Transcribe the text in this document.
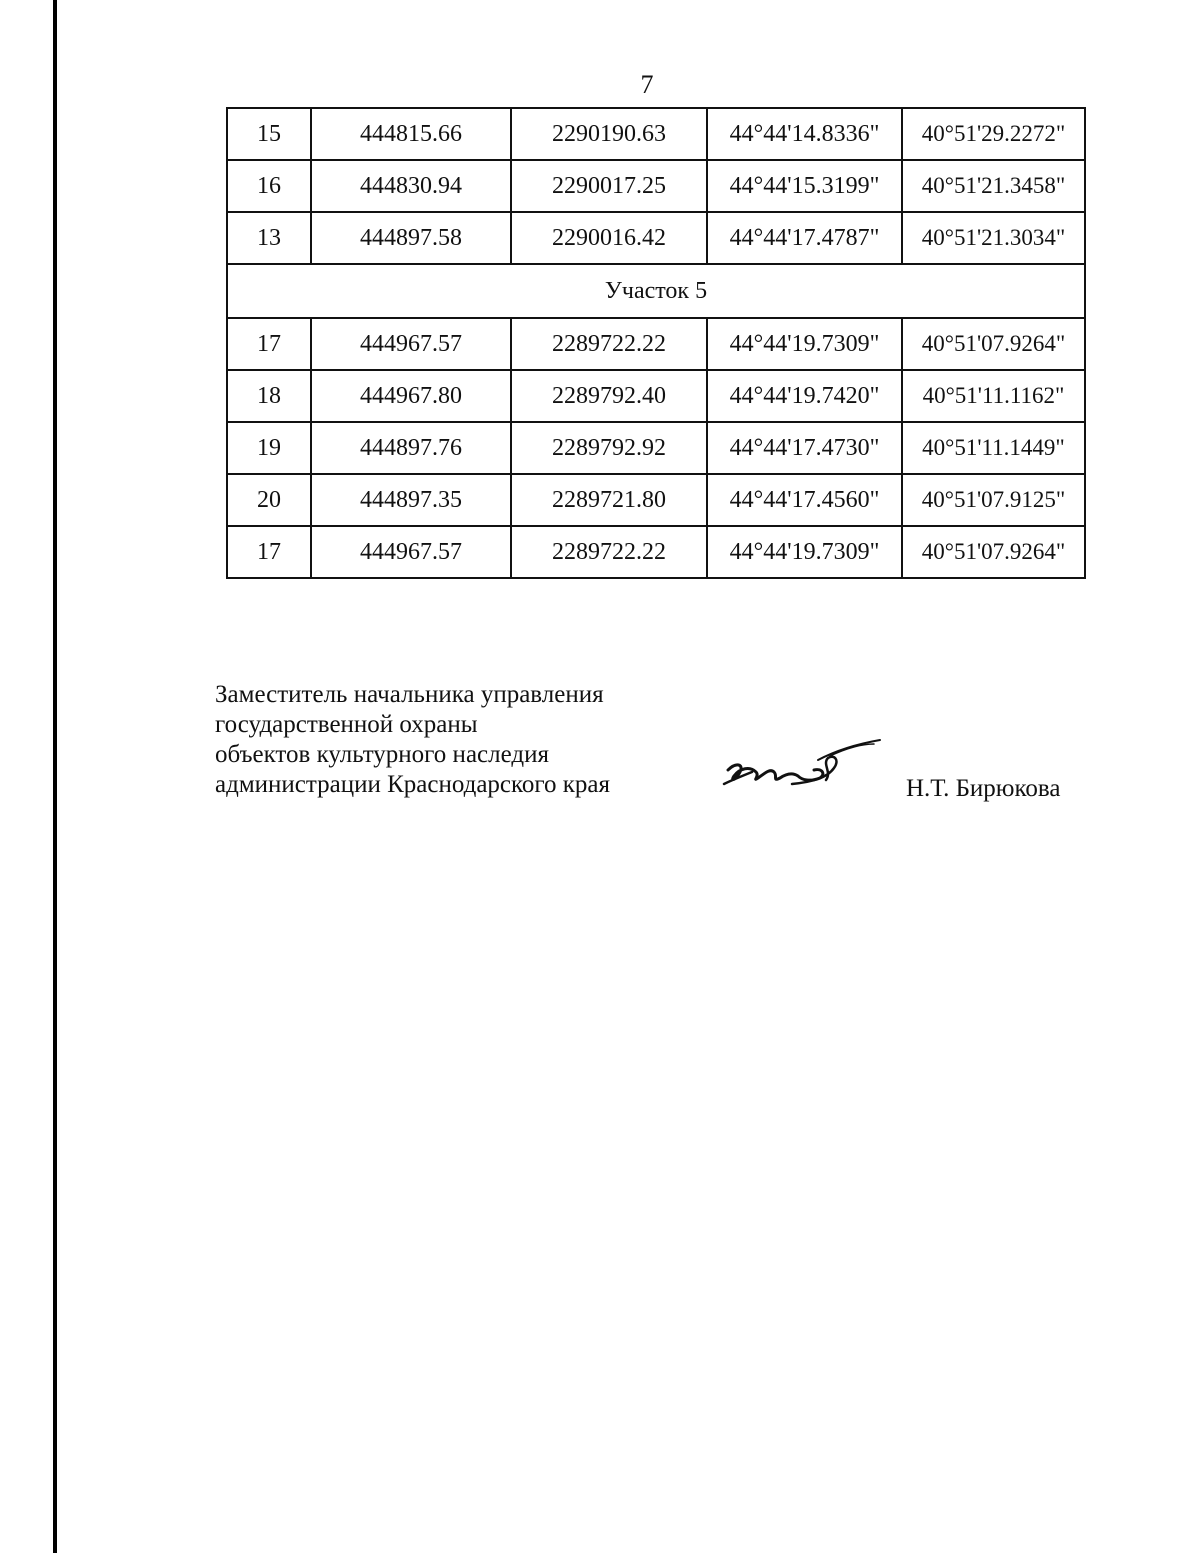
7
15	444815.66	2290190.63	44°44'14.8336"	40°51'29.2272"
16	444830.94	2290017.25	44°44'15.3199"	40°51'21.3458"
13	444897.58	2290016.42	44°44'17.4787"	40°51'21.3034"
Участок 5				
17	444967.57	2289722.22	44°44'19.7309"	40°51'07.9264"
18	444967.80	2289792.40	44°44'19.7420"	40°51'11.1162"
19	444897.76	2289792.92	44°44'17.4730"	40°51'11.1449"
20	444897.35	2289721.80	44°44'17.4560"	40°51'07.9125"
17	444967.57	2289722.22	44°44'19.7309"	40°51'07.9264"
Заместитель начальника управления
государственной охраны
объектов культурного наследия
администрации Краснодарского края	Н.Т. Бирюкова
